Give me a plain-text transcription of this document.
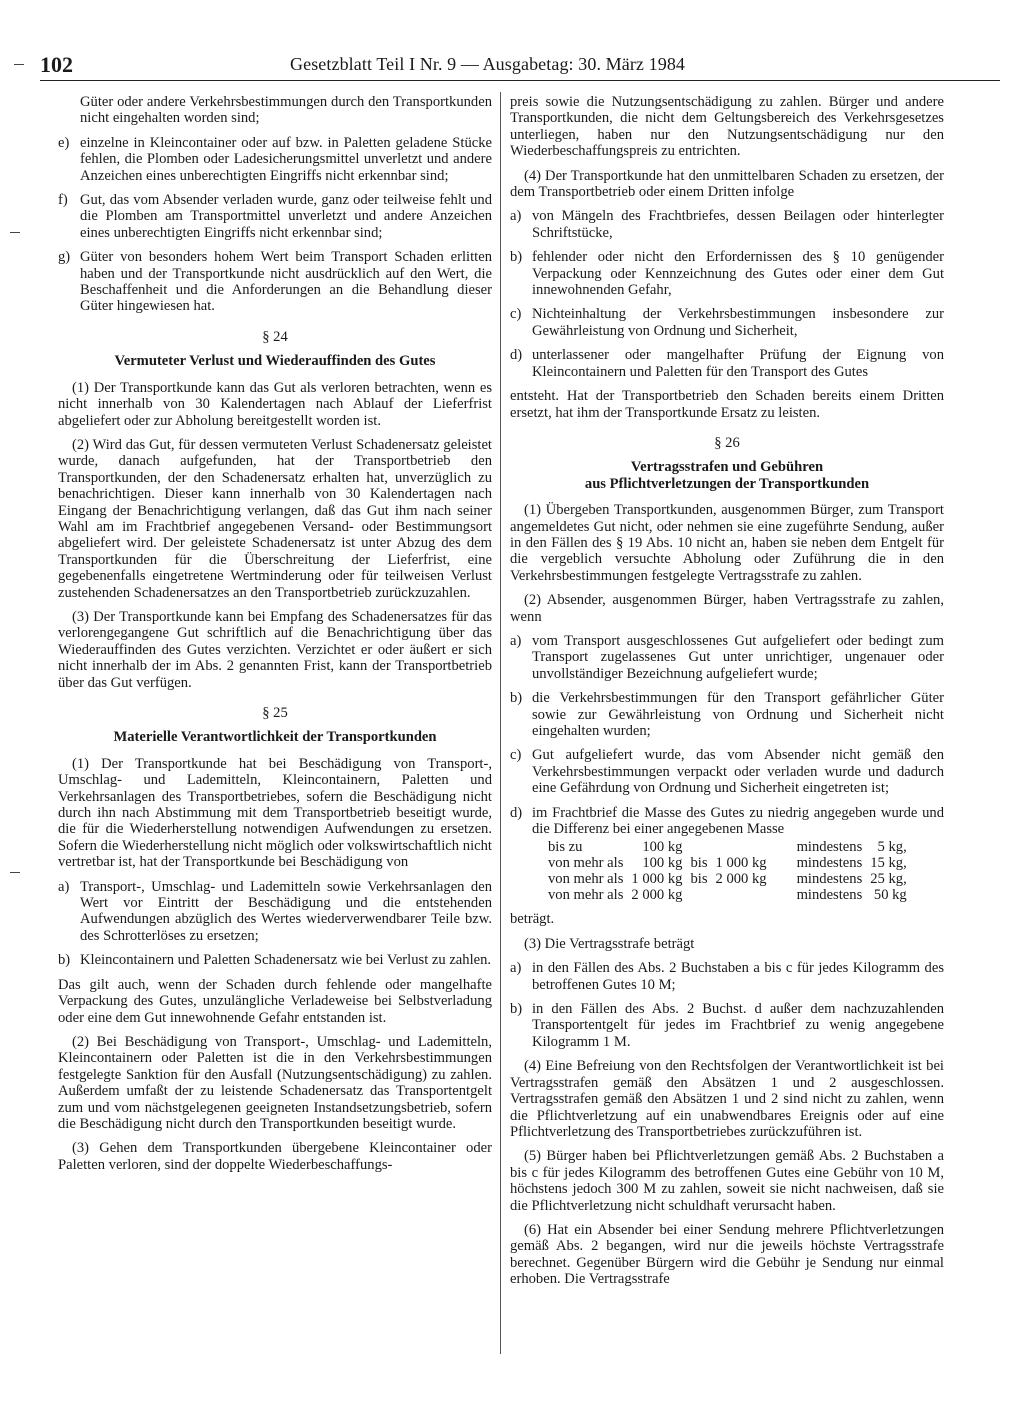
102	Gesetzblatt Teil I Nr. 9 — Ausgabetag: 30. März 1984

Güter oder andere Verkehrsbestimmungen durch den Transportkunden nicht eingehalten worden sind;

e) einzelne in Kleincontainer oder auf bzw. in Paletten geladene Stücke fehlen, die Plomben oder Ladesicherungsmittel unverletzt und andere Anzeichen eines unberechtigten Eingriffs nicht erkennbar sind;
f) Gut, das vom Absender verladen wurde, ganz oder teilweise fehlt und die Plomben am Transportmittel unverletzt und andere Anzeichen eines unberechtigten Eingriffs nicht erkennbar sind;
g) Güter von besonders hohem Wert beim Transport Schaden erlitten haben und der Transportkunde nicht ausdrücklich auf den Wert, die Beschaffenheit und die Anforderungen an die Behandlung dieser Güter hingewiesen hat.
§ 24
Vermuteter Verlust und Wiederauffinden des Gutes

(1) Der Transportkunde kann das Gut als verloren betrachten, wenn es nicht innerhalb von 30 Kalendertagen nach Ablauf der Lieferfrist abgeliefert oder zur Abholung bereitgestellt worden ist.

(2) Wird das Gut, für dessen vermuteten Verlust Schadenersatz geleistet wurde, danach aufgefunden, hat der Transportbetrieb den Transportkunden, der den Schadenersatz erhalten hat, unverzüglich zu benachrichtigen. Dieser kann innerhalb von 30 Kalendertagen nach Eingang der Benachrichtigung verlangen, daß das Gut ihm nach seiner Wahl am im Frachtbrief angegebenen Versand- oder Bestimmungsort abgeliefert wird. Der geleistete Schadenersatz ist unter Abzug des dem Transportkunden für die Überschreitung der Lieferfrist, eine gegebenenfalls eingetretene Wertminderung oder für teilweisen Verlust zustehenden Schadenersatzes an den Transportbetrieb zurückzuzahlen.

(3) Der Transportkunde kann bei Empfang des Schadenersatzes für das verlorengegangene Gut schriftlich auf die Benachrichtigung über das Wiederauffinden des Gutes verzichten. Verzichtet er oder äußert er sich nicht innerhalb der im Abs. 2 genannten Frist, kann der Transportbetrieb über das Gut verfügen.

§ 25
Materielle Verantwortlichkeit der Transportkunden

(1) Der Transportkunde hat bei Beschädigung von Transport-, Umschlag- und Lademitteln, Kleincontainern, Paletten und Verkehrsanlagen des Transportbetriebes, sofern die Beschädigung nicht durch ihn nach Abstimmung mit dem Transportbetrieb beseitigt wurde, die für die Wiederherstellung notwendigen Aufwendungen zu ersetzen. Sofern die Wiederherstellung nicht möglich oder volkswirtschaftlich nicht vertretbar ist, hat der Transportkunde bei Beschädigung von

a) Transport-, Umschlag- und Lademitteln sowie Verkehrsanlagen den Wert vor Eintritt der Beschädigung und die entstehenden Aufwendungen abzüglich des Wertes wiederverwendbarer Teile bzw. des Schrotterlöses zu ersetzen;
b) Kleincontainern und Paletten Schadenersatz wie bei Verlust zu zahlen.

Das gilt auch, wenn der Schaden durch fehlende oder mangelhafte Verpackung des Gutes, unzulängliche Verladeweise bei Selbstverladung oder eine dem Gut innewohnende Gefahr entstanden ist.

(2) Bei Beschädigung von Transport-, Umschlag- und Lademitteln, Kleincontainern oder Paletten ist die in den Verkehrsbestimmungen festgelegte Sanktion für den Ausfall (Nutzungsentschädigung) zu zahlen. Außerdem umfaßt der zu leistende Schadenersatz das Transportentgelt zum und vom nächstgelegenen geeigneten Instandsetzungsbetrieb, sofern die Beschädigung nicht durch den Transportkunden beseitigt wurde.

(3) Gehen dem Transportkunden übergebene Kleincontainer oder Paletten verloren, sind der doppelte Wiederbeschaffungs-

preis sowie die Nutzungsentschädigung zu zahlen. Bürger und andere Transportkunden, die nicht dem Geltungsbereich des Verkehrsgesetzes unterliegen, haben nur den Nutzungsentschädigung nur den Wiederbeschaffungspreis zu entrichten.

(4) Der Transportkunde hat den unmittelbaren Schaden zu ersetzen, der dem Transportbetrieb oder einem Dritten infolge

a) von Mängeln des Frachtbriefes, dessen Beilagen oder hinterlegter Schriftstücke,
b) fehlender oder nicht den Erfordernissen des § 10 genügender Verpackung oder Kennzeichnung des Gutes oder einer dem Gut innewohnenden Gefahr,
c) Nichteinhaltung der Verkehrsbestimmungen insbesondere zur Gewährleistung von Ordnung und Sicherheit,
d) unterlassener oder mangelhafter Prüfung der Eignung von Kleincontainern und Paletten für den Transport des Gutes

entsteht. Hat der Transportbetrieb den Schaden bereits einem Dritten ersetzt, hat ihm der Transportkunde Ersatz zu leisten.

§ 26
Vertragsstrafen und Gebühren
aus Pflichtverletzungen der Transportkunden

(1) Übergeben Transportkunden, ausgenommen Bürger, zum Transport angemeldetes Gut nicht, oder nehmen sie eine zugeführte Sendung, außer in den Fällen des § 19 Abs. 10 nicht an, haben sie neben dem Entgelt für die vergeblich versuchte Abholung oder Zuführung die in den Verkehrsbestimmungen festgelegte Vertragsstrafe zu zahlen.

(2) Absender, ausgenommen Bürger, haben Vertragsstrafe zu zahlen, wenn

a) vom Transport ausgeschlossenes Gut aufgeliefert oder bedingt zum Transport zugelassenes Gut unter unrichtiger, ungenauer oder unvollständiger Bezeichnung aufgeliefert wurde;
b) die Verkehrsbestimmungen für den Transport gefährlicher Güter sowie zur Gewährleistung von Ordnung und Sicherheit nicht eingehalten wurden;
c) Gut aufgeliefert wurde, das vom Absender nicht gemäß den Verkehrsbestimmungen verpackt oder verladen wurde und dadurch eine Gefährdung von Ordnung und Sicherheit eingetreten ist;
d) im Frachtbrief die Masse des Gutes zu niedrig angegeben wurde und die Differenz bei einer angegebenen Masse
bis zu	100 kg				mindestens	5 kg,
von mehr als	100 kg	bis	1 000 kg		mindestens	15 kg,
von mehr als	1 000 kg	bis	2 000 kg		mindestens	25 kg,
von mehr als	2 000 kg				mindestens	50 kg

beträgt.

(3) Die Vertragsstrafe beträgt

a) in den Fällen des Abs. 2 Buchstaben a bis c für jedes Kilogramm des betroffenen Gutes 10 M;
b) in den Fällen des Abs. 2 Buchst. d außer dem nachzuzahlenden Transportentgelt für jedes im Frachtbrief zu wenig angegebene Kilogramm 1 M.

(4) Eine Befreiung von den Rechtsfolgen der Verantwortlichkeit ist bei Vertragsstrafen gemäß den Absätzen 1 und 2 ausgeschlossen. Vertragsstrafen gemäß den Absätzen 1 und 2 sind nicht zu zahlen, wenn die Pflichtverletzung auf ein unabwendbares Ereignis oder auf eine Pflichtverletzung des Transportbetriebes zurückzuführen ist.

(5) Bürger haben bei Pflichtverletzungen gemäß Abs. 2 Buchstaben a bis c für jedes Kilogramm des betroffenen Gutes eine Gebühr von 10 M, höchstens jedoch 300 M zu zahlen, soweit sie nicht nachweisen, daß sie die Pflichtverletzung nicht schuldhaft verursacht haben.

(6) Hat ein Absender bei einer Sendung mehrere Pflichtverletzungen gemäß Abs. 2 begangen, wird nur die jeweils höchste Vertragsstrafe berechnet. Gegenüber Bürgern wird die Gebühr je Sendung nur einmal erhoben. Die Vertragsstrafe
